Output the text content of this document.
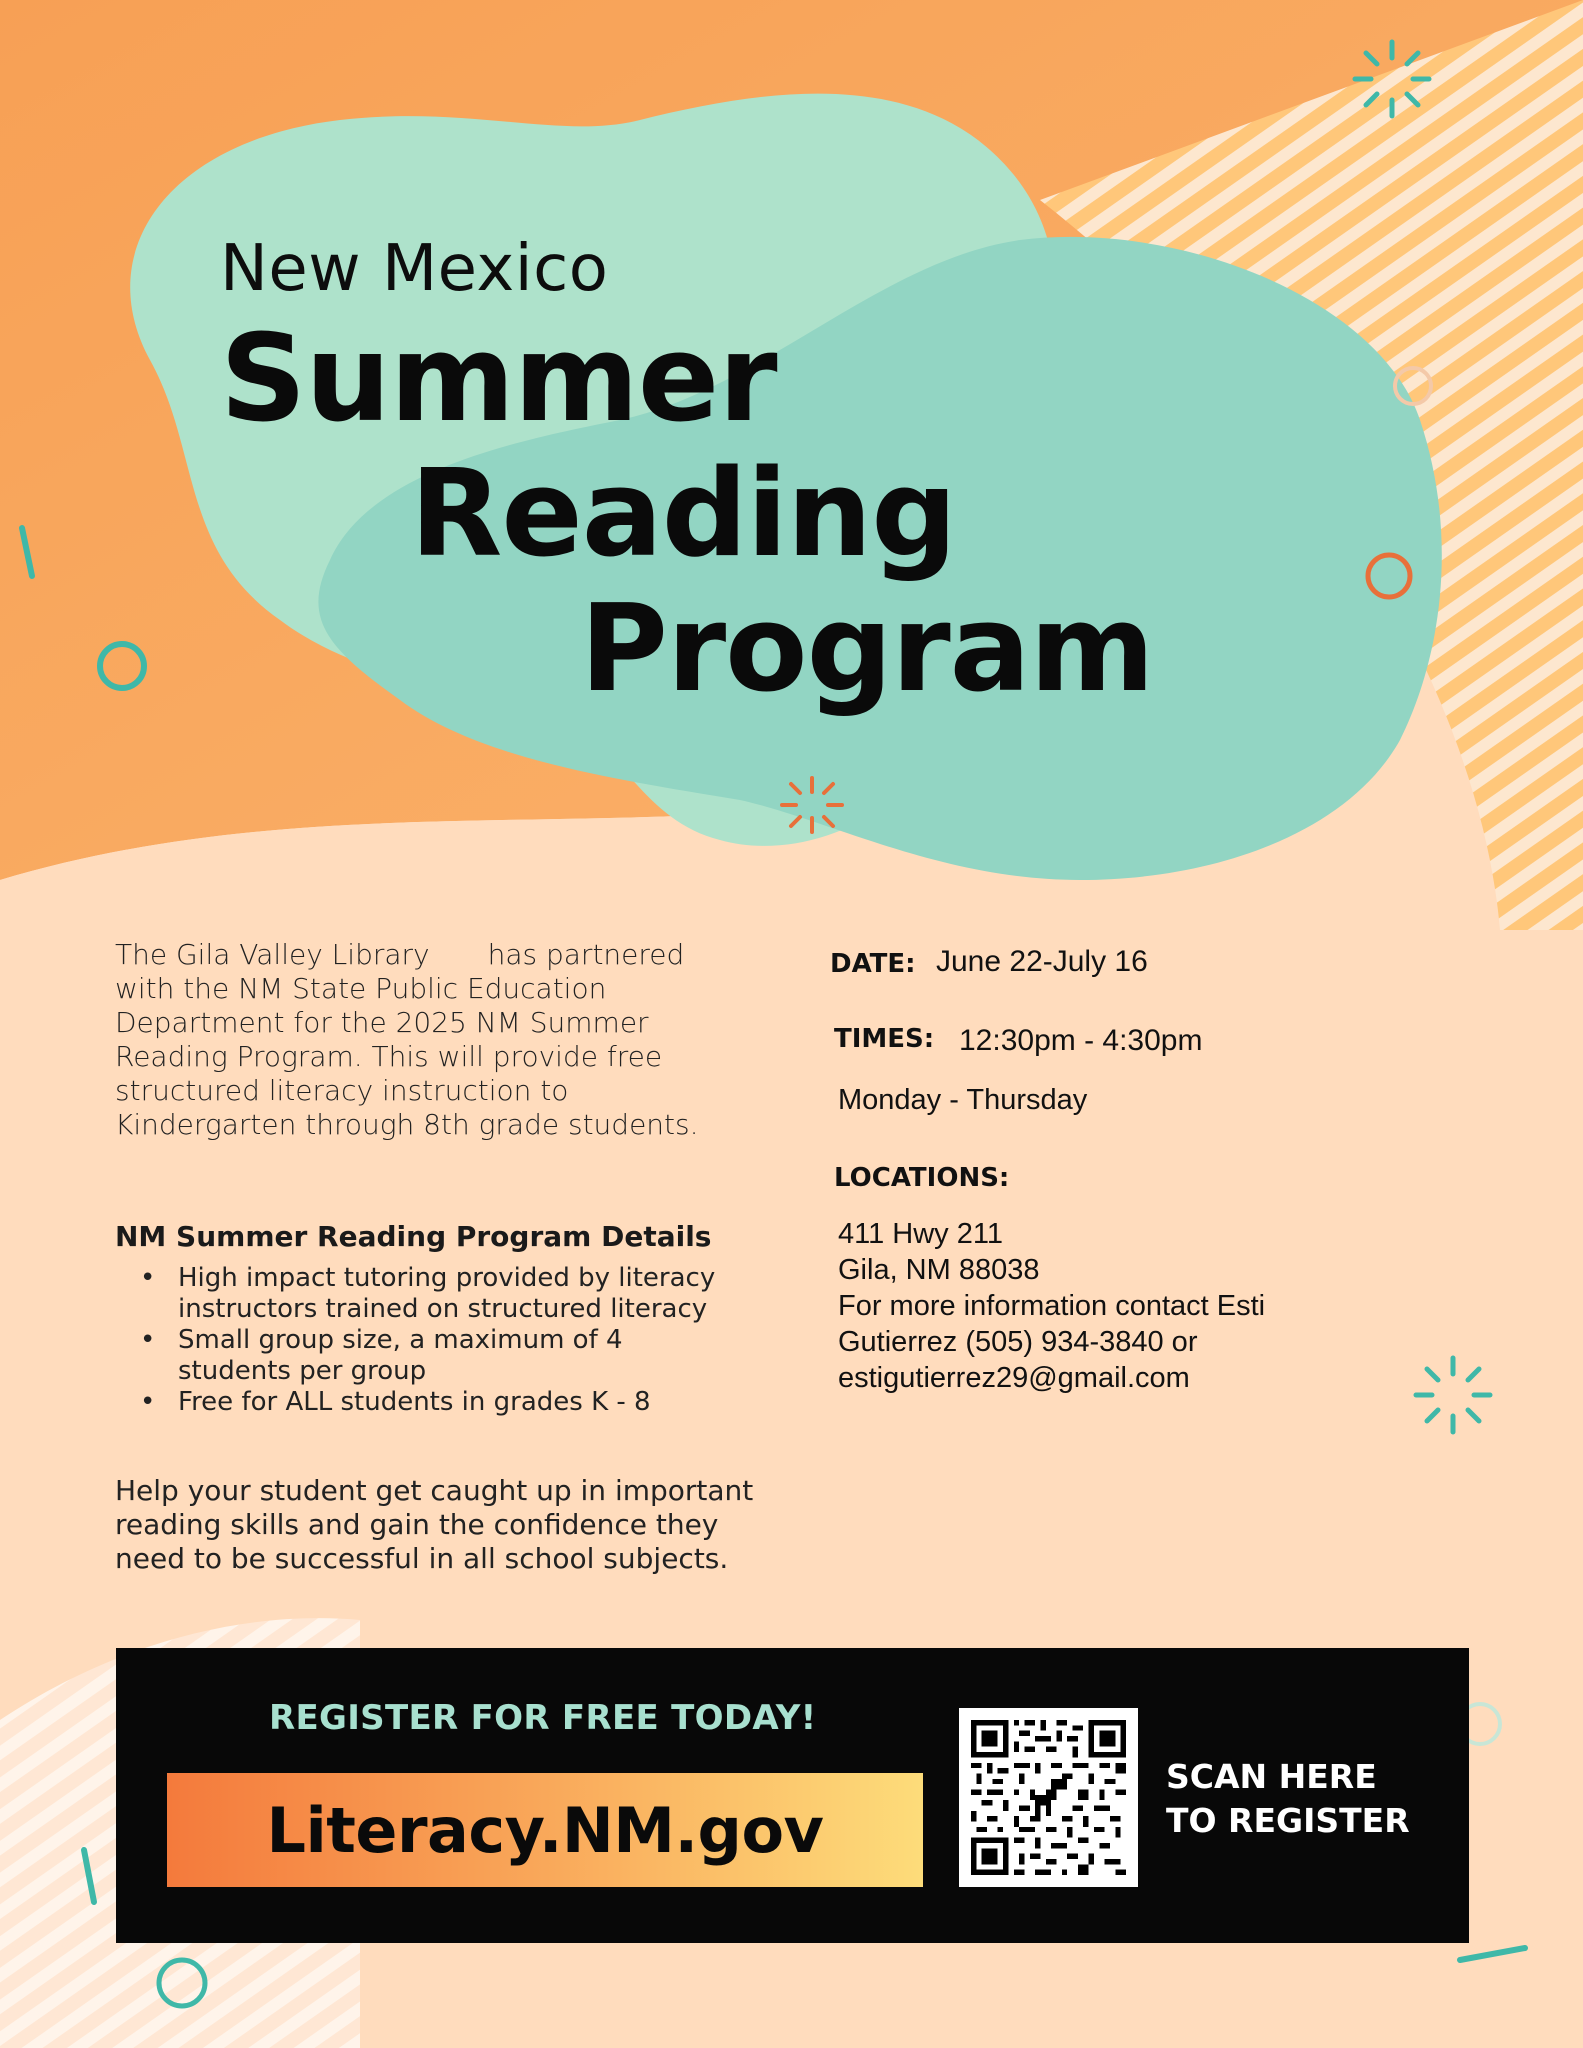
New Mexico
Summer
Reading
Program
The Gila Valley Library has partnered with the NM State Public Education Department for the 2025 NM Summer Reading Program. This will provide free structured literacy instruction to Kindergarten through 8th grade students.
NM Summer Reading Program Details
• High impact tutoring provided by literacy instructors trained on structured literacy
• Small group size, a maximum of 4 students per group
• Free for ALL students in grades K - 8
Help your student get caught up in important reading skills and gain the confidence they need to be successful in all school subjects.
DATE: June 22-July 16
TIMES: 12:30pm - 4:30pm
Monday - Thursday
LOCATIONS:
411 Hwy 211
Gila, NM 88038
For more information contact Esti
Gutierrez (505) 934-3840 or
estigutierrez29@gmail.com
REGISTER FOR FREE TODAY!
Literacy.NM.gov
SCAN HERE
TO REGISTER
